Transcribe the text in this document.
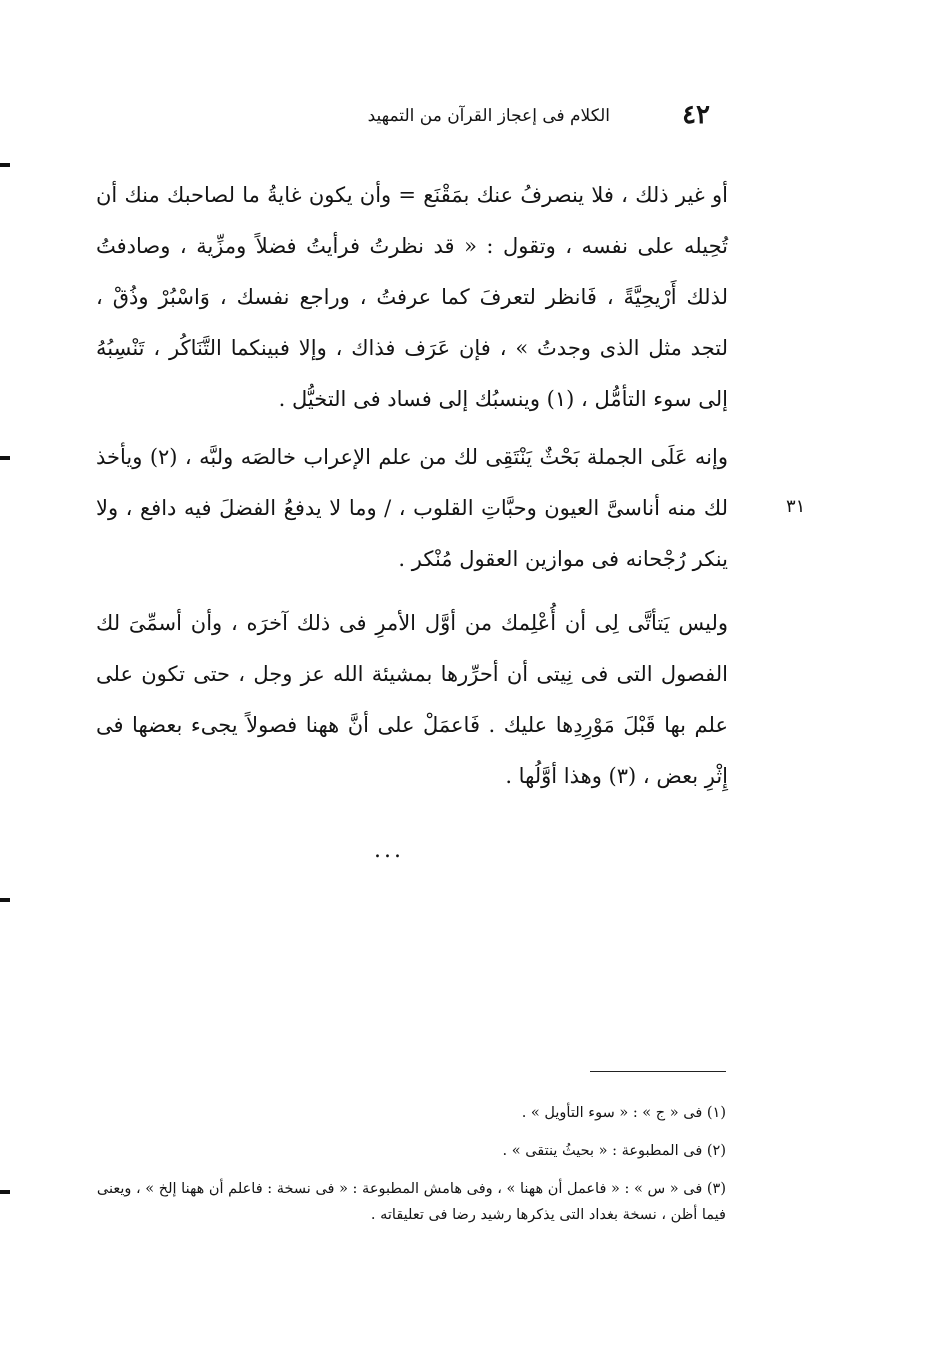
٤٢
الكلام فى إعجاز القرآن من التمهيد
أو غير ذلك ، فلا ينصرفُ عنك بمَقْنَع = وأن يكون غايةُ ما لصاحبك منك أن تُحِيله على نفسه ، وتقول : « قد نظرتُ فرأيتُ فضلاً ومزِّية ، وصادفتُ لذلك أَرْيحِيَّةً ، فَانظر لتعرفَ كما عرفتُ ، وراجع نفسك ، وَاسْبُرْ وذُقْ ، لتجد مثل الذى وجدتُ » ، فإن عَرَف فذاك ، وإلا فبينكما التَّنَاكُر ، تَنْسِبُهُ إلى سوء التأمُّل ، (١) وينسبُك إلى فساد فى التخيُّل .
٣١
وإنه عَلَى الجملة بَحْثٌ يَنْتَقِى لك من علم الإعراب خالصَه ولبَّه ، (٢) ويأخذ لك منه أناسىَّ العيون وحبَّاتِ القلوب ، / وما لا يدفعُ الفضلَ فيه دافع ، ولا ينكر رُجْحانه فى موازين العقول مُنْكر .
وليس يَتأتَّى لِى أن أُعْلِمك من أوَّل الأمرِ فى ذلك آخرَه ، وأن أسمِّىَ لك الفصول التى فى نِيتى أن أحرِّرها بمشيئة الله عز وجل ، حتى تكون على علم بها قَبْلَ مَوْرِدِها عليك . فَاعمَلْ على أنَّ ههنا فصولاً يجىء بعضها فى إِثْرِ بعض ، (٣) وهذا أوَّلُها .
...

(١) فى « ج » : « سوء التأويل » .

(٢) فى المطبوعة : « بحيثُ ينتقى » .

(٣) فى « س » : « فاعمل أن ههنا » ، وفى هامش المطبوعة : « فى نسخة : فاعلم أن ههنا إلخ » ، ويعنى فيما أظن ، نسخة بغداد التى يذكرها رشيد رضا فى تعليقاته .
